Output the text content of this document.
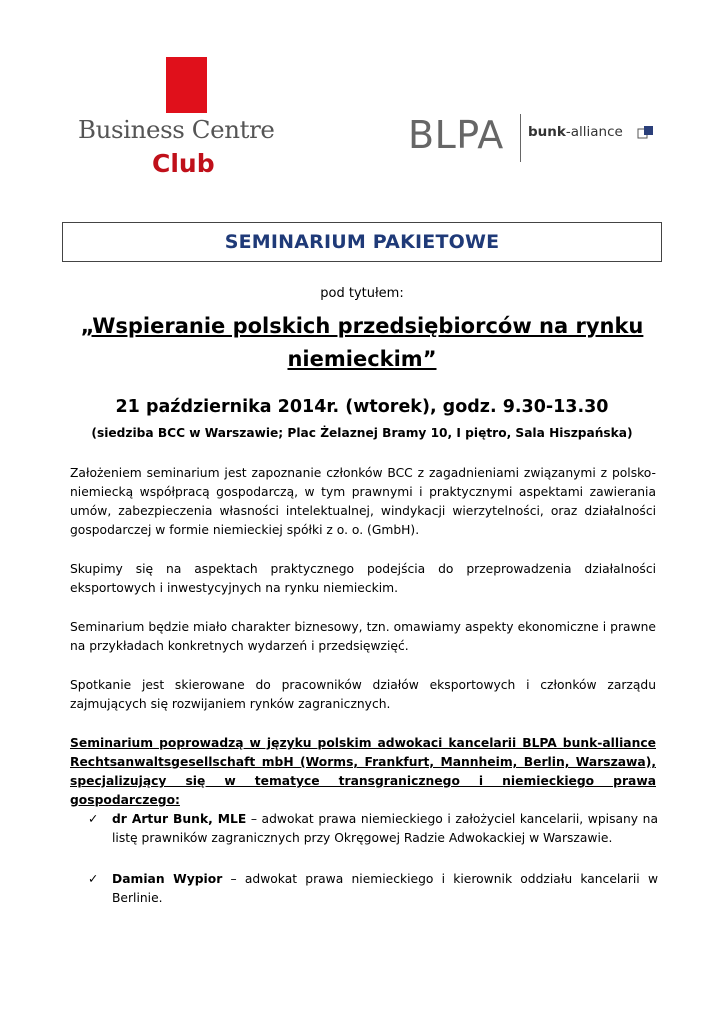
Business Centre
Club
BLPA bunk-alliance
SEMINARIUM PAKIETOWE
pod tytułem:
„Wspieranie polskich przedsiębiorców na rynku
niemieckim”
21 października 2014r. (wtorek), godz. 9.30-13.30
(siedziba BCC w Warszawie; Plac Żelaznej Bramy 10, I piętro, Sala Hiszpańska)

Założeniem seminarium jest zapoznanie członków BCC z zagadnieniami związanymi z polsko-niemiecką współpracą gospodarczą, w tym prawnymi i praktycznymi aspektami zawierania umów, zabezpieczenia własności intelektualnej, windykacji wierzytelności, oraz działalności gospodarczej w formie niemieckiej spółki z o. o. (GmbH).

Skupimy się na aspektach praktycznego podejścia do przeprowadzenia działalności eksportowych i inwestycyjnych na rynku niemieckim.

Seminarium będzie miało charakter biznesowy, tzn. omawiamy aspekty ekonomiczne i prawne na przykładach konkretnych wydarzeń i przedsięwzięć.

Spotkanie jest skierowane do pracowników działów eksportowych i członków zarządu zajmujących się rozwijaniem rynków zagranicznych.

Seminarium poprowadzą w języku polskim adwokaci kancelarii BLPA bunk-alliance Rechtsanwaltsgesellschaft mbH (Worms, Frankfurt, Mannheim, Berlin, Warszawa), specjalizujący się w tematyce transgranicznego i niemieckiego prawa gospodarczego:

✓	dr Artur Bunk, MLE – adwokat prawa niemieckiego i założyciel kancelarii, wpisany na listę prawników zagranicznych przy Okręgowej Radzie Adwokackiej w Warszawie.
✓	Damian Wypior – adwokat prawa niemieckiego i kierownik oddziału kancelarii w Berlinie.
